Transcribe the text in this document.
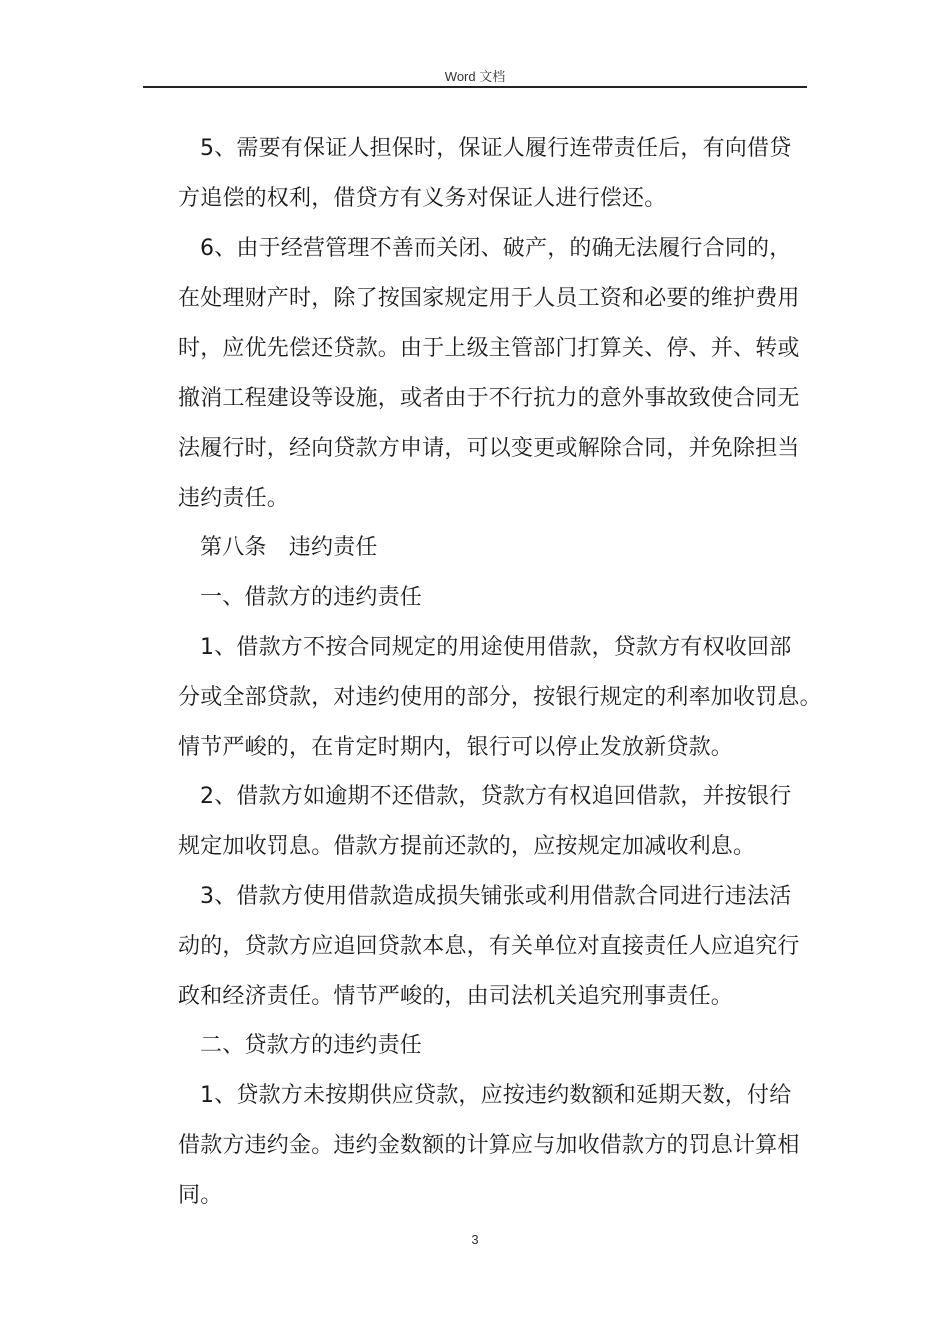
Word 文档
5、需要有保证人担保时，保证人履行连带责任后，有向借贷
方追偿的权利，借贷方有义务对保证人进行偿还。
6、由于经营管理不善而关闭、破产，的确无法履行合同的，
在处理财产时，除了按国家规定用于人员工资和必要的维护费用
时，应优先偿还贷款。由于上级主管部门打算关、停、并、转或
撤消工程建设等设施，或者由于不行抗力的意外事故致使合同无
法履行时，经向贷款方申请，可以变更或解除合同，并免除担当
违约责任。
第八条　违约责任
一、借款方的违约责任
1、借款方不按合同规定的用途使用借款，贷款方有权收回部
分或全部贷款，对违约使用的部分，按银行规定的利率加收罚息。
情节严峻的，在肯定时期内，银行可以停止发放新贷款。
2、借款方如逾期不还借款，贷款方有权追回借款，并按银行
规定加收罚息。借款方提前还款的，应按规定加减收利息。
3、借款方使用借款造成损失铺张或利用借款合同进行违法活
动的，贷款方应追回贷款本息，有关单位对直接责任人应追究行
政和经济责任。情节严峻的，由司法机关追究刑事责任。
二、贷款方的违约责任
1、贷款方未按期供应贷款，应按违约数额和延期天数，付给
借款方违约金。违约金数额的计算应与加收借款方的罚息计算相
同。
3
